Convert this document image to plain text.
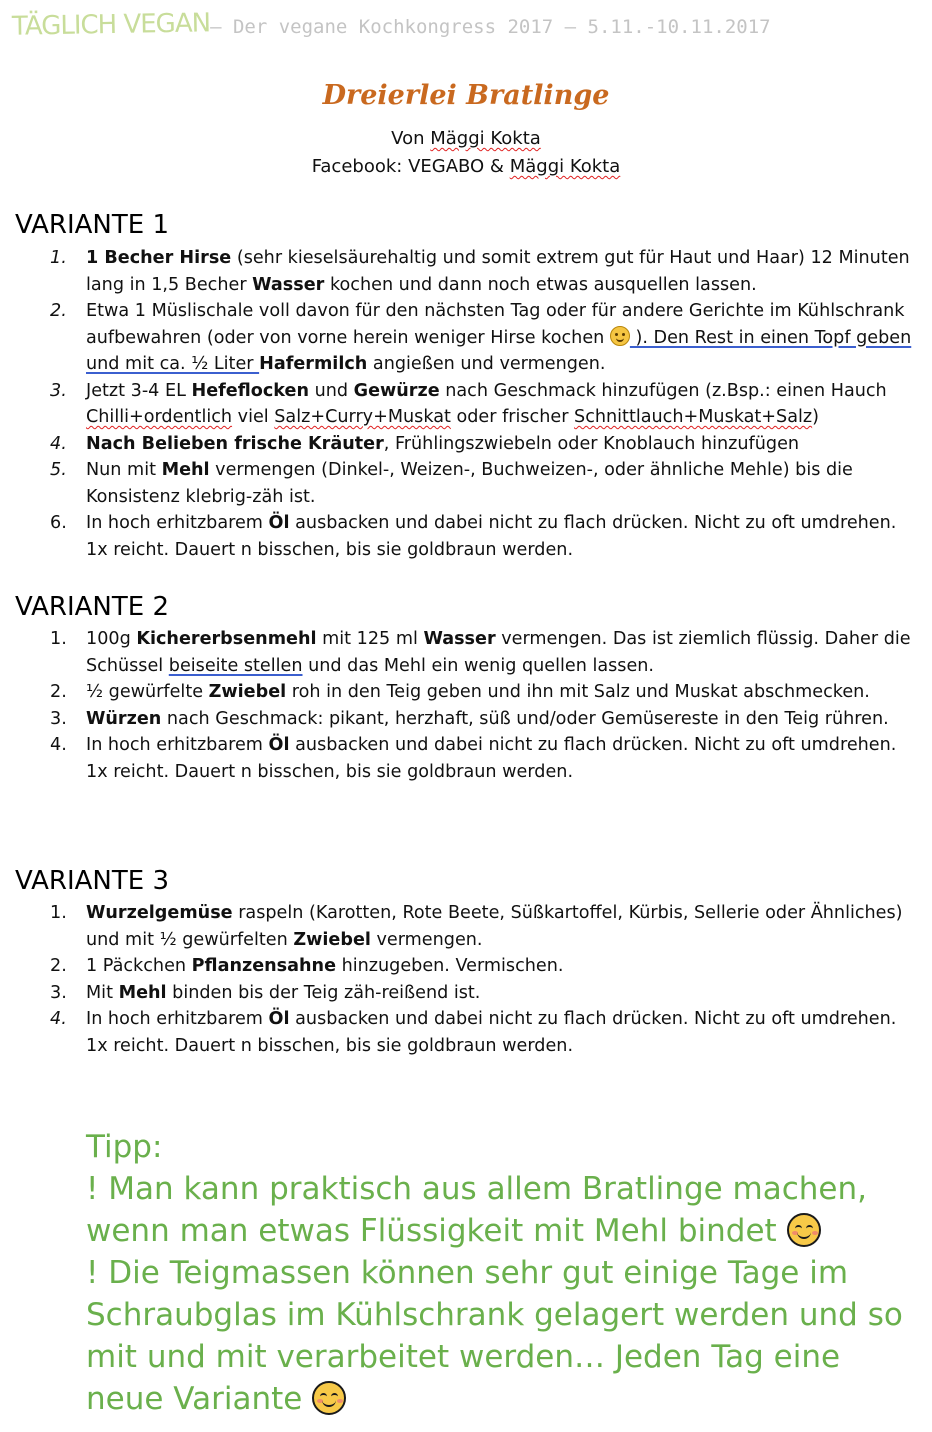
TÄGLICH VEGAN– Der vegane Kochkongress 2017 – 5.11.-10.11.2017
Dreierlei Bratlinge
Von Mäggi Kokta
Facebook: VEGABO & Mäggi Kokta
VARIANTE 1
1. 1 Becher Hirse (sehr kieselsäurehaltig und somit extrem gut für Haut und Haar) 12 Minuten lang in 1,5 Becher Wasser kochen und dann noch etwas ausquellen lassen.
2. Etwa 1 Müslischale voll davon für den nächsten Tag oder für andere Gerichte im Kühlschrank aufbewahren (oder von vorne herein weniger Hirse kochen  ). Den Rest in einen Topf geben und mit ca. ½ Liter Hafermilch angießen und vermengen.
3. Jetzt 3-4 EL Hefeflocken und Gewürze nach Geschmack hinzufügen (z.Bsp.: einen Hauch Chilli+ordentlich viel Salz+Curry+Muskat oder frischer Schnittlauch+Muskat+Salz)
4. Nach Belieben frische Kräuter, Frühlingszwiebeln oder Knoblauch hinzufügen
5. Nun mit Mehl vermengen (Dinkel-, Weizen-, Buchweizen-, oder ähnliche Mehle) bis die Konsistenz klebrig-zäh ist.
6. In hoch erhitzbarem Öl ausbacken und dabei nicht zu flach drücken. Nicht zu oft umdrehen. 1x reicht. Dauert n bisschen, bis sie goldbraun werden.
VARIANTE 2
1. 100g Kichererbsenmehl mit 125 ml Wasser vermengen. Das ist ziemlich flüssig. Daher die Schüssel beiseite stellen und das Mehl ein wenig quellen lassen.
2. ½ gewürfelte Zwiebel roh in den Teig geben und ihn mit Salz und Muskat abschmecken.
3. Würzen nach Geschmack: pikant, herzhaft, süß und/oder Gemüsereste in den Teig rühren.
4. In hoch erhitzbarem Öl ausbacken und dabei nicht zu flach drücken. Nicht zu oft umdrehen. 1x reicht. Dauert n bisschen, bis sie goldbraun werden.
VARIANTE 3
1. Wurzelgemüse raspeln (Karotten, Rote Beete, Süßkartoffel, Kürbis, Sellerie oder Ähnliches) und mit ½ gewürfelten Zwiebel vermengen.
2. 1 Päckchen Pflanzensahne hinzugeben. Vermischen.
3. Mit Mehl binden bis der Teig zäh-reißend ist.
4. In hoch erhitzbarem Öl ausbacken und dabei nicht zu flach drücken. Nicht zu oft umdrehen. 1x reicht. Dauert n bisschen, bis sie goldbraun werden.
Tipp:
! Man kann praktisch aus allem Bratlinge machen, wenn man etwas Flüssigkeit mit Mehl bindet
! Die Teigmassen können sehr gut einige Tage im Schraubglas im Kühlschrank gelagert werden und so mit und mit verarbeitet werden… Jeden Tag eine neue Variante
